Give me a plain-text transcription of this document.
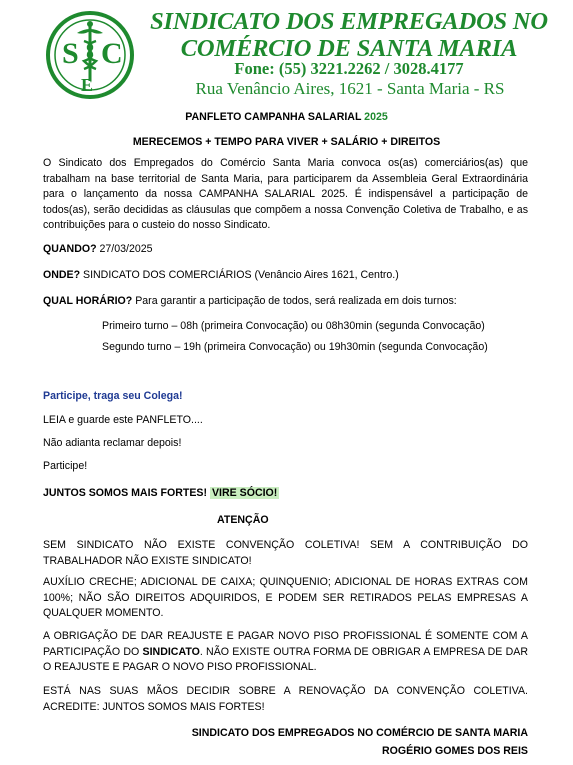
S C
E
SINDICATO DOS EMPREGADOS NO
COMÉRCIO DE SANTA MARIA
Fone: (55) 3221.2262 / 3028.4177
Rua Venâncio Aires, 1621 - Santa Maria - RS
PANFLETO CAMPANHA SALARIAL 2025
MERECEMOS + TEMPO PARA VIVER + SALÁRIO + DIREITOS
O Sindicato dos Empregados do Comércio Santa Maria convoca os(as) comerciários(as) que trabalham na base territorial de Santa Maria, para participarem da Assembleia Geral Extraordinária para o lançamento da nossa CAMPANHA SALARIAL 2025. É indispensável a participação de todos(as), serão decididas as cláusulas que compõem a nossa Convenção Coletiva de Trabalho, e as contribuições para o custeio do nosso Sindicato.
QUANDO? 27/03/2025
ONDE? SINDICATO DOS COMERCIÁRIOS (Venâncio Aires 1621, Centro.)
QUAL HORÁRIO? Para garantir a participação de todos, será realizada em dois turnos:
Primeiro turno – 08h (primeira Convocação) ou 08h30min (segunda Convocação)
Segundo turno – 19h (primeira Convocação) ou 19h30min (segunda Convocação)
Participe, traga seu Colega!
LEIA e guarde este PANFLETO....
Não adianta reclamar depois!
Participe!
JUNTOS SOMOS MAIS FORTES! VIRE SÓCIO!
ATENÇÃO
SEM SINDICATO NÃO EXISTE CONVENÇÃO COLETIVA! SEM A CONTRIBUIÇÃO DO TRABALHADOR NÃO EXISTE SINDICATO!
AUXÍLIO CRECHE; ADICIONAL DE CAIXA; QUINQUENIO; ADICIONAL DE HORAS EXTRAS COM 100%; NÃO SÃO DIREITOS ADQUIRIDOS, E PODEM SER RETIRADOS PELAS EMPRESAS A QUALQUER MOMENTO.
A OBRIGAÇÃO DE DAR REAJUSTE E PAGAR NOVO PISO PROFISSIONAL É SOMENTE COM A PARTICIPAÇÃO DO SINDICATO. NÃO EXISTE OUTRA FORMA DE OBRIGAR A EMPRESA DE DAR O REAJUSTE E PAGAR O NOVO PISO PROFISSIONAL.
ESTÁ NAS SUAS MÃOS DECIDIR SOBRE A RENOVAÇÃO DA CONVENÇÃO COLETIVA. ACREDITE: JUNTOS SOMOS MAIS FORTES!
SINDICATO DOS EMPREGADOS NO COMÉRCIO DE SANTA MARIA
ROGÉRIO GOMES DOS REIS
